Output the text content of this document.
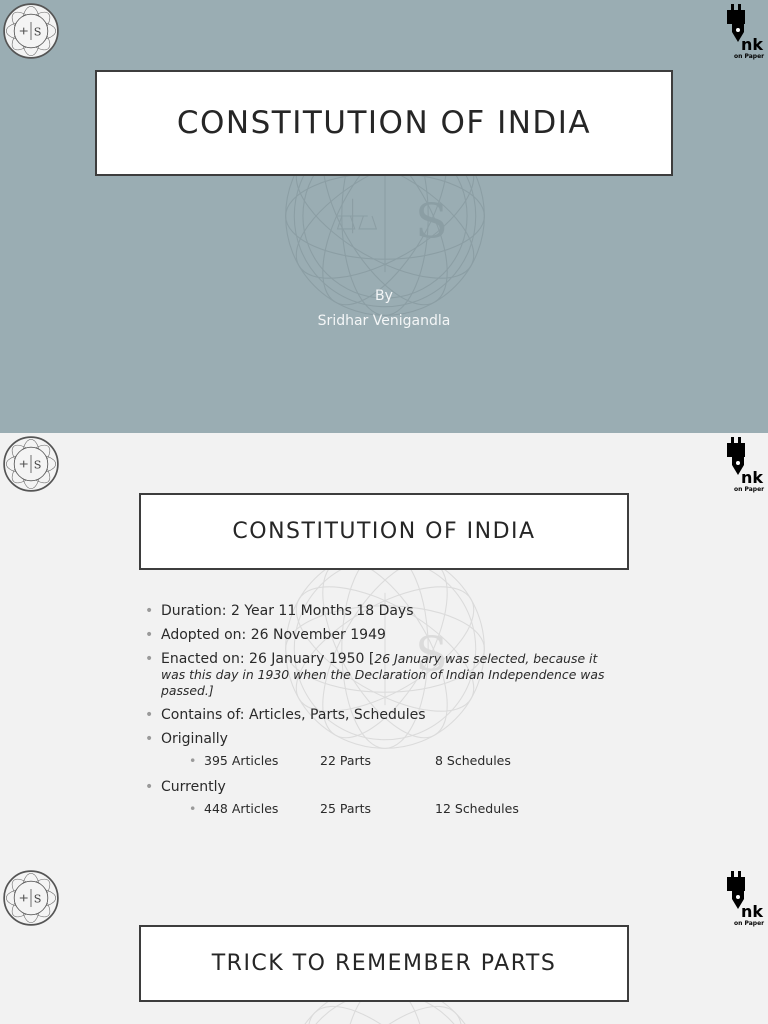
S
S
nk
on Paper
CONSTITUTION OF INDIA
By
Sridhar Venigandla
S
S
nk
on Paper
CONSTITUTION OF INDIA
• Duration: 2 Year 11 Months 18 Days
• Adopted on: 26 November 1949
• Enacted on: 26 January 1950 [26 January was selected, because it was this day in 1930 when the Declaration of Indian Independence was passed.]
• Contains of: Articles, Parts, Schedules
• Originally
• 395 Articles	22 Parts	8 Schedules
• Currently
• 448 Articles	25 Parts	12 Schedules
S
nk
on Paper
TRICK TO REMEMBER PARTS
